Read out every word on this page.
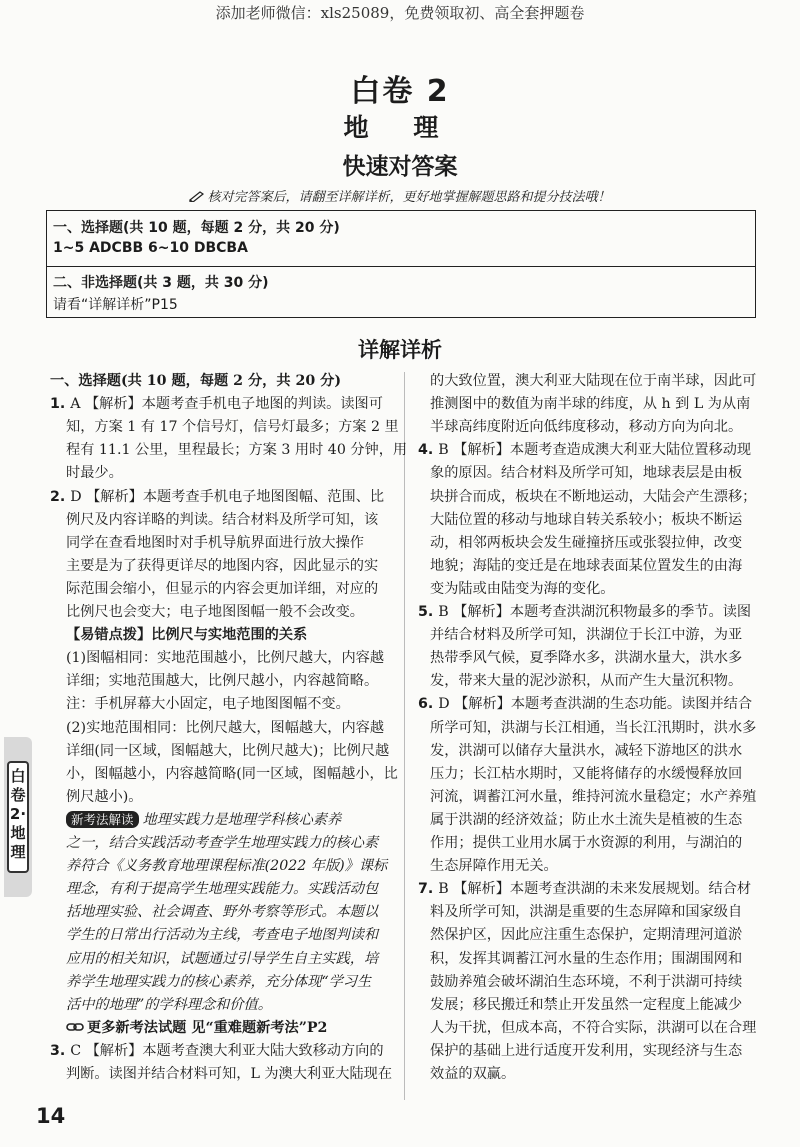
添加老师微信：xls25089，免费领取初、高全套押题卷
白卷 2
地 理
快速对答案
核对完答案后，请翻至详解详析，更好地掌握解题思路和提分技法哦！
一、选择题(共 10 题，每题 2 分，共 20 分)
1~5 ADCBB 6~10 DBCBA
二、非选择题(共 3 题，共 30 分)
请看“详解详析”P15
详解详析
一、选择题(共 10 题，每题 2 分，共 20 分)
1. A 【解析】本题考查手机电子地图的判读。读图可
知，方案 1 有 17 个信号灯，信号灯最多；方案 2 里
程有 11.1 公里，里程最长；方案 3 用时 40 分钟，用
时最少。
2. D 【解析】本题考查手机电子地图图幅、范围、比
例尺及内容详略的判读。结合材料及所学可知，该
同学在查看地图时对手机导航界面进行放大操作
主要是为了获得更详尽的地图内容，因此显示的实
际范围会缩小，但显示的内容会更加详细，对应的
比例尺也会变大；电子地图图幅一般不会改变。
【易错点拨】比例尺与实地范围的关系
(1)图幅相同：实地范围越小，比例尺越大，内容越
详细；实地范围越大，比例尺越小，内容越简略。
注：手机屏幕大小固定，电子地图图幅不变。
(2)实地范围相同：比例尺越大，图幅越大，内容越
详细(同一区域，图幅越大，比例尺越大)；比例尺越
小，图幅越小，内容越简略(同一区域，图幅越小，比
例尺越小)。
新考法解读 地理实践力是地理学科核心素养
之一，结合实践活动考查学生地理实践力的核心素
养符合《义务教育地理课程标准(2022 年版)》课标
理念，有利于提高学生地理实践能力。实践活动包
括地理实验、社会调查、野外考察等形式。本题以
学生的日常出行活动为主线，考查电子地图判读和
应用的相关知识，试题通过引导学生自主实践，培
养学生地理实践力的核心素养，充分体现“学习生
活中的地理”的学科理念和价值。
更多新考法试题 见“重难题新考法”P2
3. C 【解析】本题考查澳大利亚大陆大致移动方向的
判断。读图并结合材料可知，L 为澳大利亚大陆现在
的大致位置，澳大利亚大陆现在位于南半球，因此可
推测图中的数值为南半球的纬度，从 h 到 L 为从南
半球高纬度附近向低纬度移动，移动方向为向北。
4. B 【解析】本题考查造成澳大利亚大陆位置移动现
象的原因。结合材料及所学可知，地球表层是由板
块拼合而成，板块在不断地运动，大陆会产生漂移；
大陆位置的移动与地球自转关系较小；板块不断运
动，相邻两板块会发生碰撞挤压或张裂拉伸，改变
地貌；海陆的变迁是在地球表面某位置发生的由海
变为陆或由陆变为海的变化。
5. B 【解析】本题考查洪湖沉积物最多的季节。读图
并结合材料及所学可知，洪湖位于长江中游，为亚
热带季风气候，夏季降水多，洪湖水量大，洪水多
发，带来大量的泥沙淤积，从而产生大量沉积物。
6. D 【解析】本题考查洪湖的生态功能。读图并结合
所学可知，洪湖与长江相通，当长江汛期时，洪水多
发，洪湖可以储存大量洪水，减轻下游地区的洪水
压力；长江枯水期时，又能将储存的水缓慢释放回
河流，调蓄江河水量，维持河流水量稳定；水产养殖
属于洪湖的经济效益；防止水土流失是植被的生态
作用；提供工业用水属于水资源的利用，与湖泊的
生态屏障作用无关。
7. B 【解析】本题考查洪湖的未来发展规划。结合材
料及所学可知，洪湖是重要的生态屏障和国家级自
然保护区，因此应注重生态保护，定期清理河道淤
积，发挥其调蓄江河水量的生态作用；围湖围网和
鼓励养殖会破坏湖泊生态环境，不利于洪湖可持续
发展；移民搬迁和禁止开发虽然一定程度上能减少
人为干扰，但成本高，不符合实际，洪湖可以在合理
保护的基础上进行适度开发利用，实现经济与生态
效益的双赢。
白卷2·地理
14
